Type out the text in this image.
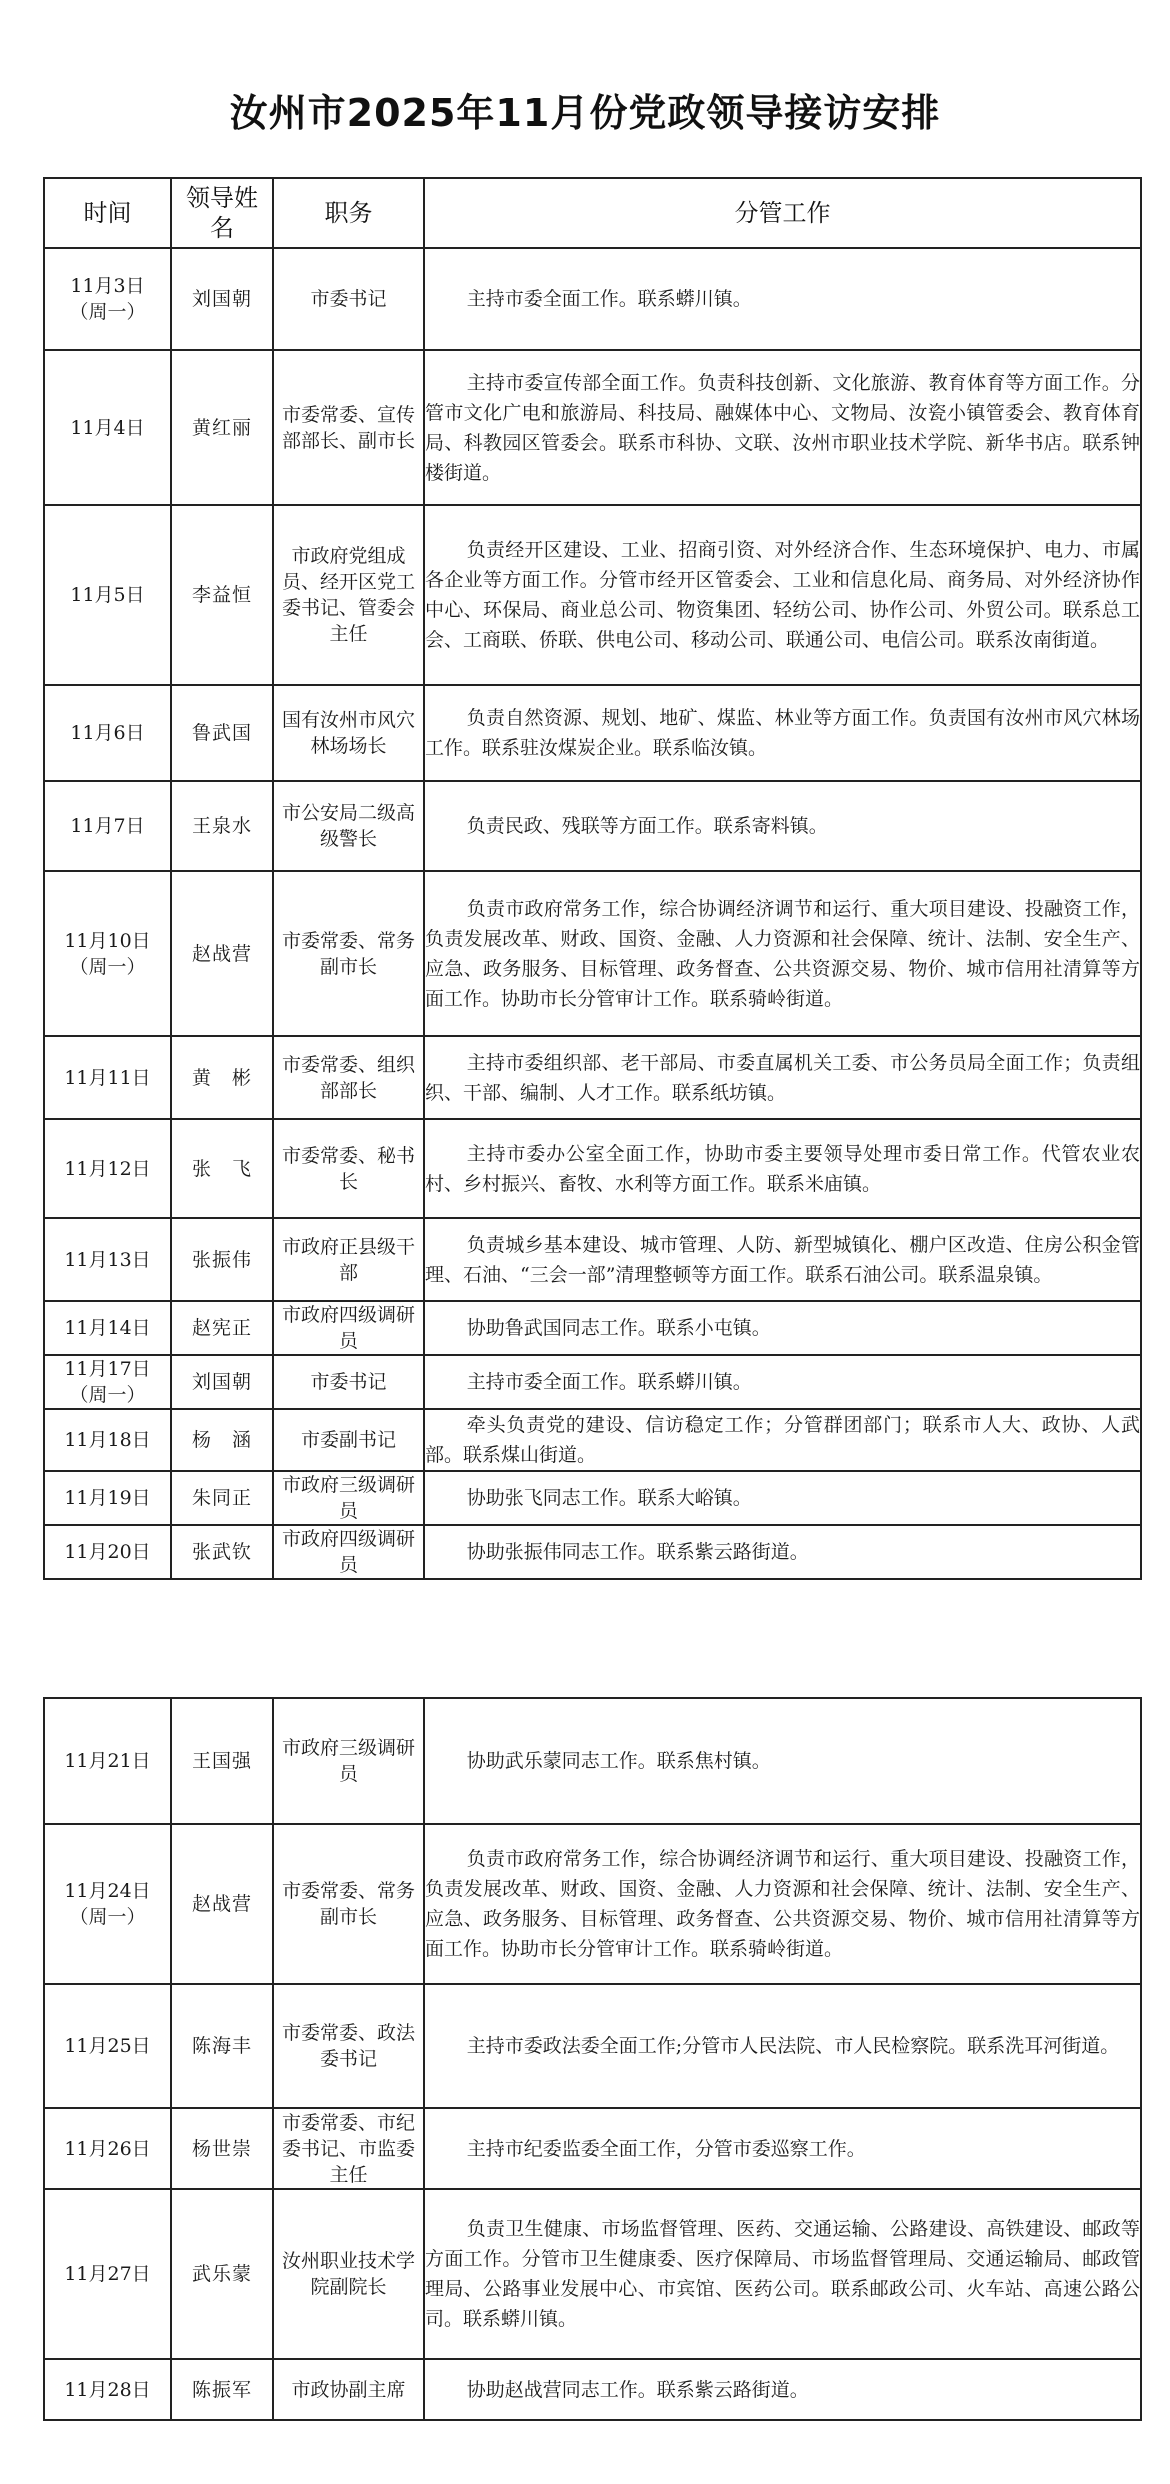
汝州市2025年11月份党政领导接访安排
时间	领导姓名	职务	分管工作

11月3日
（周一）	刘国朝	市委书记	主持市委全面工作。联系蟒川镇。

11月4日	黄红丽	市委常委、宣传部部长、副市长	主持市委宣传部全面工作。负责科技创新、文化旅游、教育体育等方面工作。分管市文化广电和旅游局、科技局、融媒体中心、文物局、汝瓷小镇管委会、教育体育局、科教园区管委会。联系市科协、文联、汝州市职业技术学院、新华书店。联系钟楼街道。

11月5日	李益恒	市政府党组成员、经开区党工委书记、管委会主任	负责经开区建设、工业、招商引资、对外经济合作、生态环境保护、电力、市属各企业等方面工作。分管市经开区管委会、工业和信息化局、商务局、对外经济协作中心、环保局、商业总公司、物资集团、轻纺公司、协作公司、外贸公司。联系总工会、工商联、侨联、供电公司、移动公司、联通公司、电信公司。联系汝南街道。

11月6日	鲁武国	国有汝州市风穴林场场长	负责自然资源、规划、地矿、煤监、林业等方面工作。负责国有汝州市风穴林场工作。联系驻汝煤炭企业。联系临汝镇。

11月7日	王泉水	市公安局二级高级警长	负责民政、残联等方面工作。联系寄料镇。

11月10日
（周一）	赵战营	市委常委、常务副市长	负责市政府常务工作，综合协调经济调节和运行、重大项目建设、投融资工作，负责发展改革、财政、国资、金融、人力资源和社会保障、统计、法制、安全生产、应急、政务服务、目标管理、政务督查、公共资源交易、物价、城市信用社清算等方面工作。协助市长分管审计工作。联系骑岭街道。

11月11日	黄　彬	市委常委、组织部部长	主持市委组织部、老干部局、市委直属机关工委、市公务员局全面工作；负责组织、干部、编制、人才工作。联系纸坊镇。

11月12日	张　飞	市委常委、秘书长	主持市委办公室全面工作，协助市委主要领导处理市委日常工作。代管农业农村、乡村振兴、畜牧、水利等方面工作。联系米庙镇。

11月13日	张振伟	市政府正县级干部	负责城乡基本建设、城市管理、人防、新型城镇化、棚户区改造、住房公积金管理、石油、“三会一部”清理整顿等方面工作。联系石油公司。联系温泉镇。

11月14日	赵宪正	市政府四级调研员	协助鲁武国同志工作。联系小屯镇。

11月17日
（周一）	刘国朝	市委书记	主持市委全面工作。联系蟒川镇。

11月18日	杨　涵	市委副书记	牵头负责党的建设、信访稳定工作；分管群团部门；联系市人大、政协、人武部。联系煤山街道。

11月19日	朱同正	市政府三级调研员	协助张飞同志工作。联系大峪镇。

11月20日	张武钦	市政府四级调研员	协助张振伟同志工作。联系紫云路街道。
11月21日	王国强	市政府三级调研员	协助武乐蒙同志工作。联系焦村镇。

11月24日
（周一）	赵战营	市委常委、常务副市长	负责市政府常务工作，综合协调经济调节和运行、重大项目建设、投融资工作，负责发展改革、财政、国资、金融、人力资源和社会保障、统计、法制、安全生产、应急、政务服务、目标管理、政务督查、公共资源交易、物价、城市信用社清算等方面工作。协助市长分管审计工作。联系骑岭街道。

11月25日	陈海丰	市委常委、政法委书记	主持市委政法委全面工作;分管市人民法院、市人民检察院。联系洗耳河街道。

11月26日	杨世崇	市委常委、市纪委书记、市监委主任	主持市纪委监委全面工作，分管市委巡察工作。

11月27日	武乐蒙	汝州职业技术学院副院长	负责卫生健康、市场监督管理、医药、交通运输、公路建设、高铁建设、邮政等方面工作。分管市卫生健康委、医疗保障局、市场监督管理局、交通运输局、邮政管理局、公路事业发展中心、市宾馆、医药公司。联系邮政公司、火车站、高速公路公司。联系蟒川镇。

11月28日	陈振军	市政协副主席	协助赵战营同志工作。联系紫云路街道。
